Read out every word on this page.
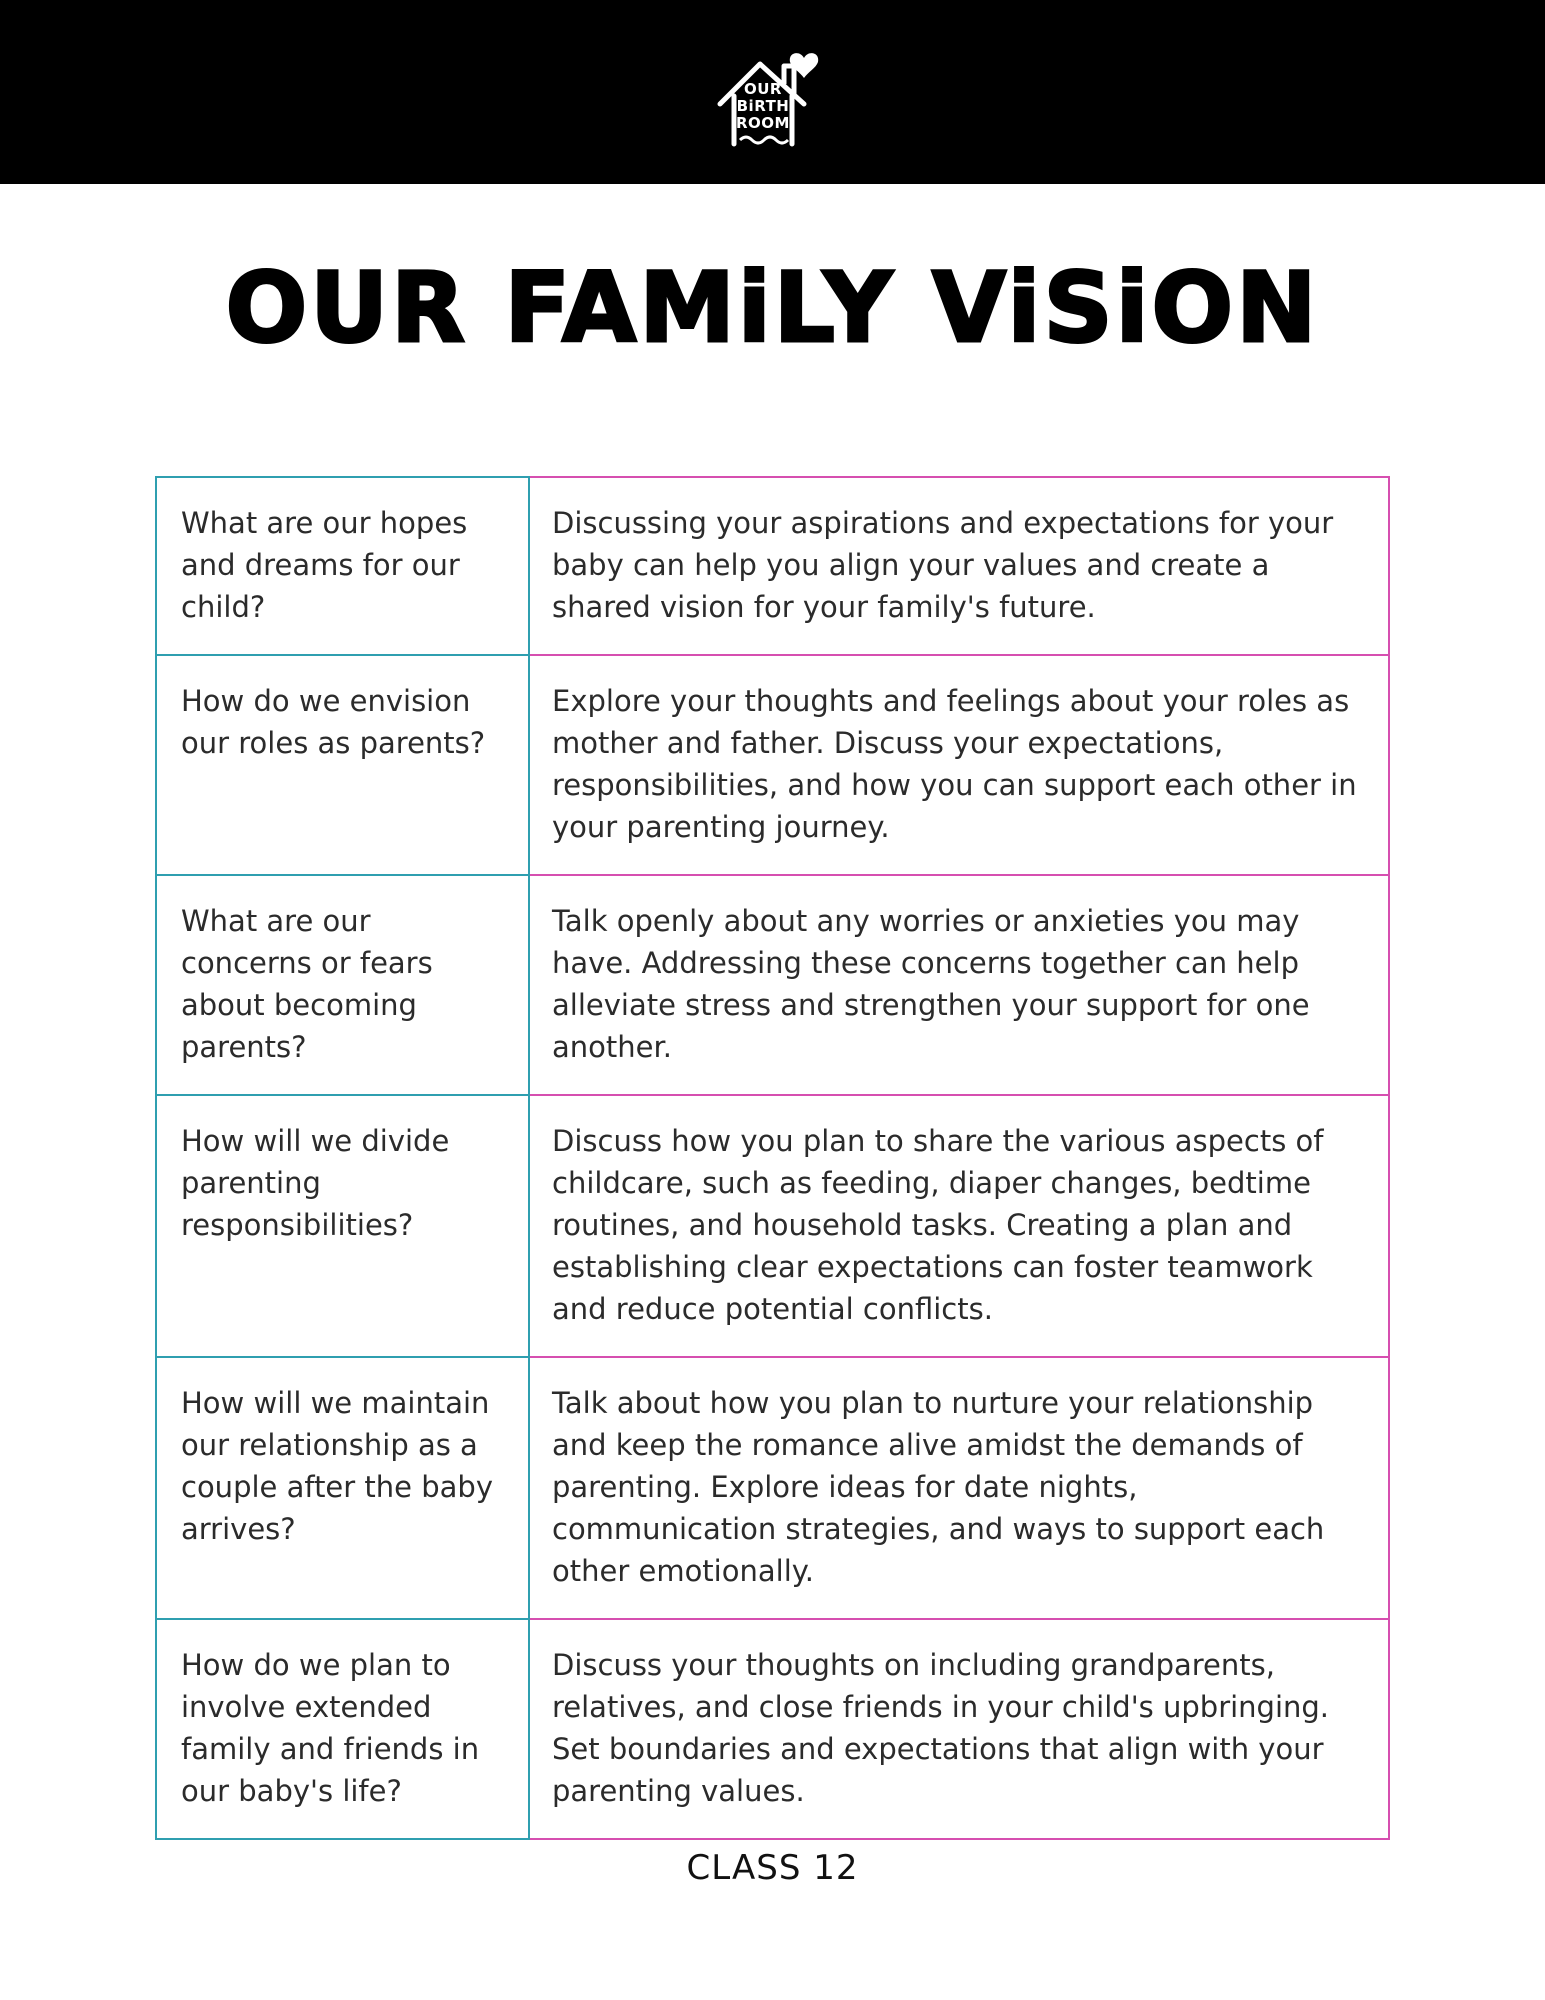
OUR
BiRTH
ROOM
OUR FAMiLY ViSiON
What are our hopes and dreams for our child?
Discussing your aspirations and expectations for your baby can help you align your values and create a shared vision for your family's future.
How do we envision our roles as parents?
Explore your thoughts and feelings about your roles as mother and father. Discuss your expectations, responsibilities, and how you can support each other in your parenting journey.
What are our concerns or fears about becoming parents?
Talk openly about any worries or anxieties you may have. Addressing these concerns together can help alleviate stress and strengthen your support for one another.
How will we divide parenting responsibilities?
Discuss how you plan to share the various aspects of childcare, such as feeding, diaper changes, bedtime routines, and household tasks. Creating a plan and establishing clear expectations can foster teamwork and reduce potential conflicts.
How will we maintain our relationship as a couple after the baby arrives?
Talk about how you plan to nurture your relationship and keep the romance alive amidst the demands of parenting. Explore ideas for date nights, communication strategies, and ways to support each other emotionally.
How do we plan to involve extended family and friends in our baby's life?
Discuss your thoughts on including grandparents, relatives, and close friends in your child's upbringing. Set boundaries and expectations that align with your parenting values.
CLASS 12
